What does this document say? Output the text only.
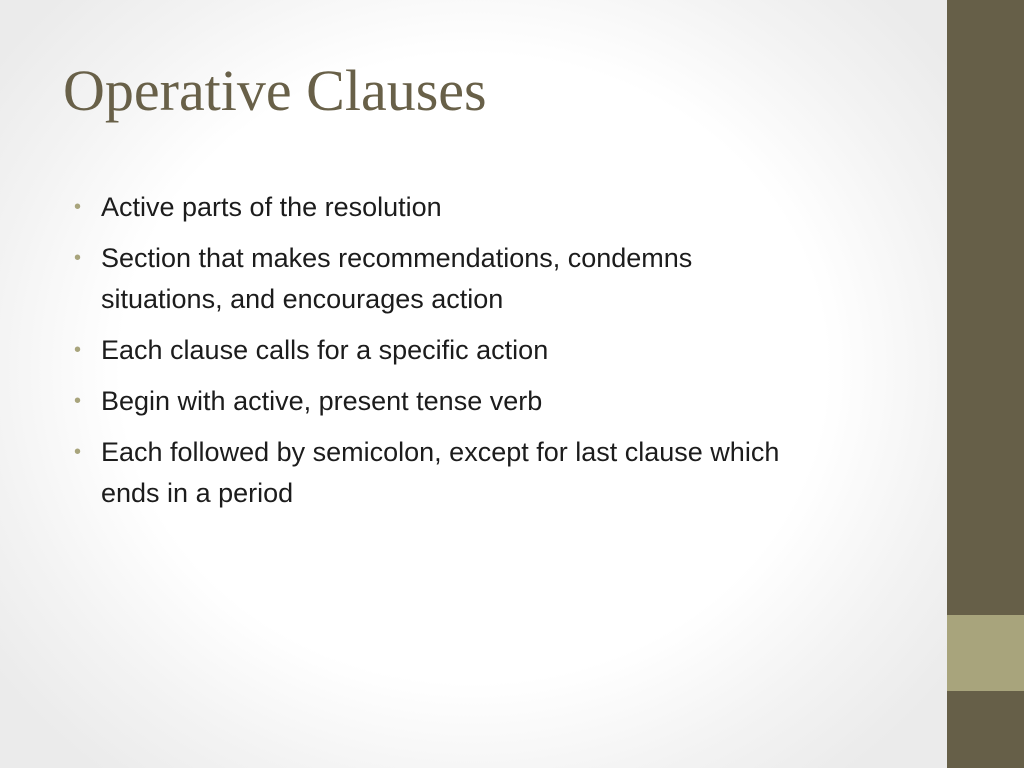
Operative Clauses
• Active parts of the resolution
• Section that makes recommendations, condemns situations, and encourages action
• Each clause calls for a specific action
• Begin with active, present tense verb
• Each followed by semicolon, except for last clause which ends in a period
